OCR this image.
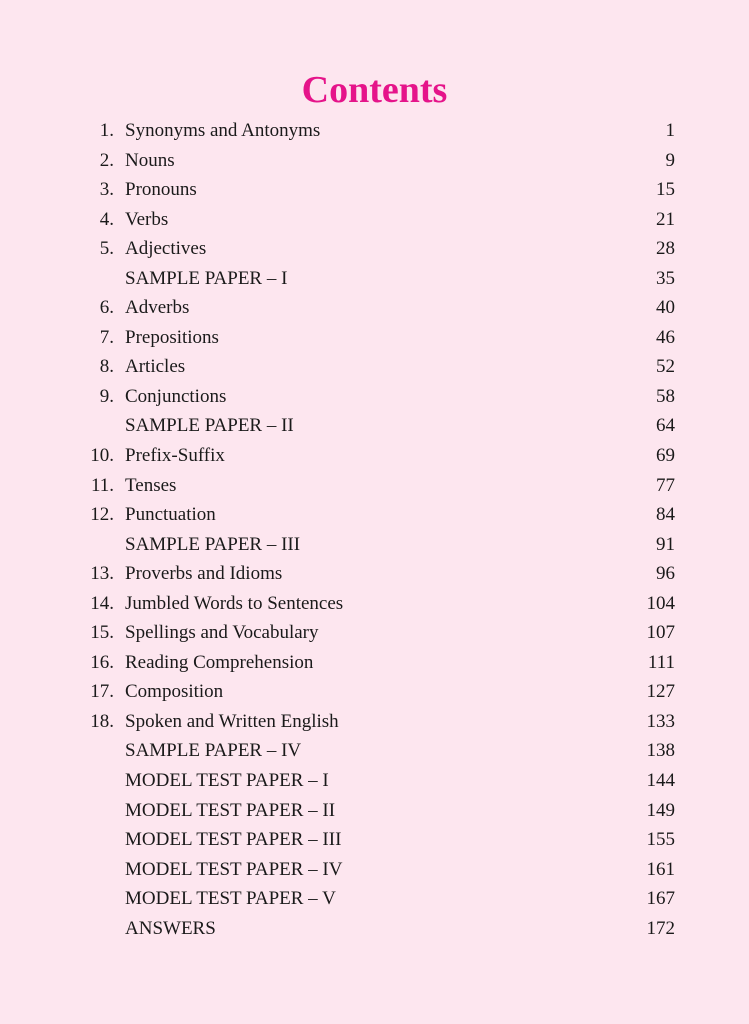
Contents
1. Synonyms and Antonyms	1
2. Nouns	9
3. Pronouns	15
4. Verbs	21
5. Adjectives	28
SAMPLE PAPER – I	35
6. Adverbs	40
7. Prepositions	46
8. Articles	52
9. Conjunctions	58
SAMPLE PAPER – II	64
10. Prefix-Suffix	69
11. Tenses	77
12. Punctuation	84
SAMPLE PAPER – III	91
13. Proverbs and Idioms	96
14. Jumbled Words to Sentences	104
15. Spellings and Vocabulary	107
16. Reading Comprehension	111
17. Composition	127
18. Spoken and Written English	133
SAMPLE PAPER – IV	138
MODEL TEST PAPER – I	144
MODEL TEST PAPER – II	149
MODEL TEST PAPER – III	155
MODEL TEST PAPER – IV	161
MODEL TEST PAPER – V	167
ANSWERS	172
